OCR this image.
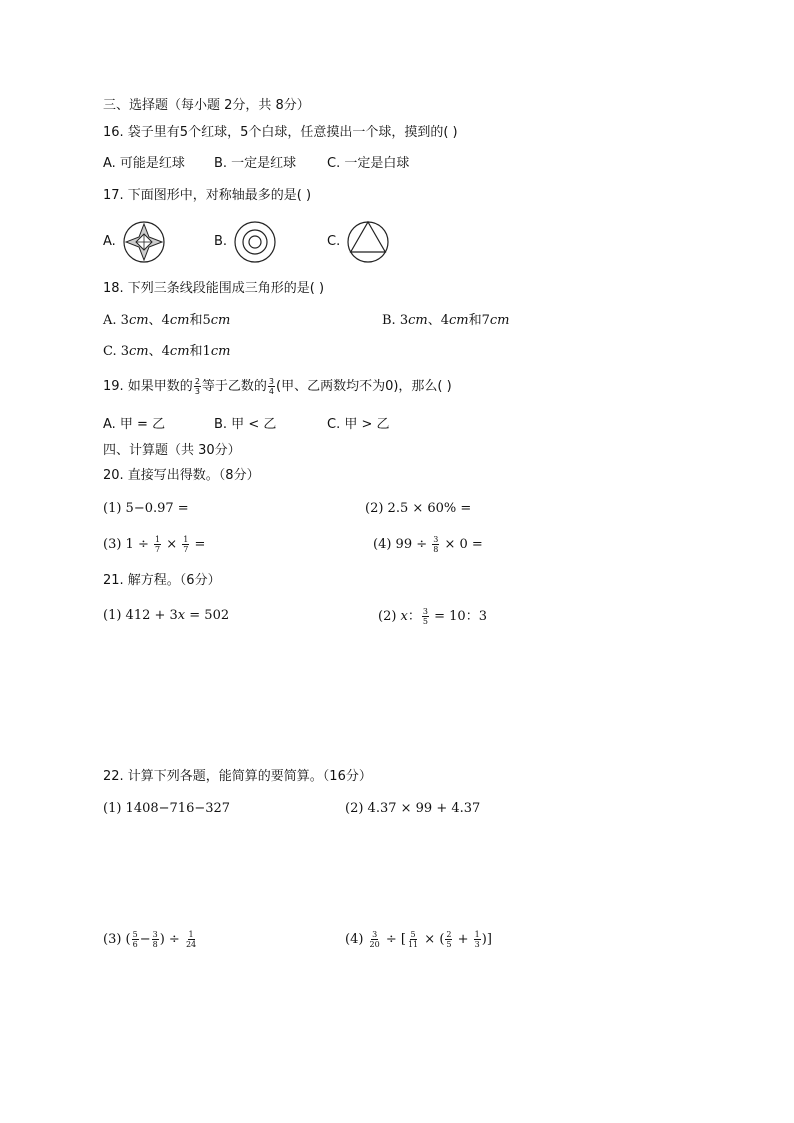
三、选择题（每小题 2分，共 8分）
16. 袋子里有5个红球，5个白球，任意摸出一个球，摸到的( )
A. 可能是红球 B. 一定是红球 C. 一定是白球
17. 下面图形中，对称轴最多的是( )
A.	B.	C.
18. 下列三条线段能围成三角形的是( )
A. 3cm、4cm和5cm	B. 3cm、4cm和7cm
C. 3cm、4cm和1cm
19. 如果甲数的 $\frac{2}{3}$ 等于乙数的 $\frac{3}{4}$ (甲、乙两数均不为0)，那么( )
A. 甲 = 乙	B. 甲 < 乙	C. 甲 > 乙
四、计算题（共 30分）
20. 直接写出得数。（8分）
(1) 5−0.97 =	(2) 2.5 × 60% =
(3) $1 \div \frac{1}{7} \times \frac{1}{7}$ =	(4) $99 \div \frac{3}{8} \times 0$ =
21. 解方程。（6分）
(1) 412 + 3x = 502	(2) x： $\frac{3}{5} = 10$：3
22. 计算下列各题，能简算的要简算。（16分）
(1) 1408−716−327	(2) 4.37 × 99 + 4.37
(3) ( $\frac{5}{6} - \frac{3}{8}$ ) ÷ $\frac{1}{24}$	$(4) \frac{3}{20}$ ÷ [ $\frac{5}{11}$ × ( $\frac{2}{5} + \frac{1}{3}$ )]
